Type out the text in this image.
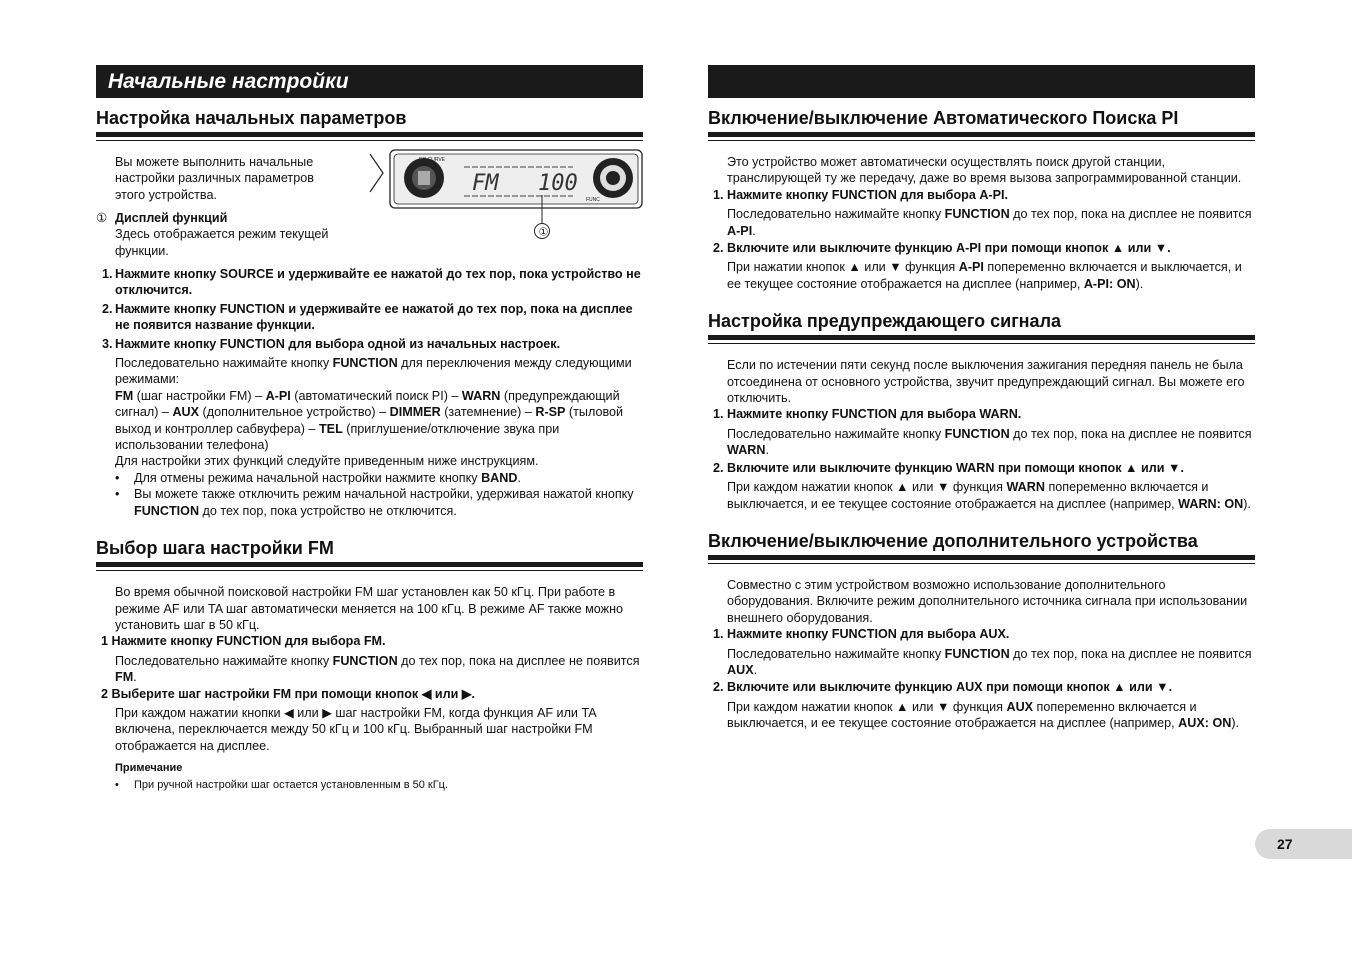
Начальные настройки
Настройка начальных параметров
Вы можете выполнить начальные настройки различных параметров этого устройства.
① Дисплей функций
Здесь отображается режим текущей функции.
EQ CURVE
FM 100
FUNC
①
1. Нажмите кнопку SOURCE и удерживайте ее нажатой до тех пор, пока устройство не отключится.
2. Нажмите кнопку FUNCTION и удерживайте ее нажатой до тех пор, пока на дисплее не появится название функции.
3. Нажмите кнопку FUNCTION для выбора одной из начальных настроек.
Последовательно нажимайте кнопку FUNCTION для переключения между следующими режимами:
FM (шаг настройки FM) – A-PI (автоматический поиск PI) – WARN (предупреждающий сигнал) – AUX (дополнительное устройство) – DIMMER (затемнение) – R-SP (тыловой выход и контроллер сабвуфера) – TEL (приглушение/отключение звука при использовании телефона)
Для настройки этих функций следуйте приведенным ниже инструкциям.
•	Для отмены режима начальной настройки нажмите кнопку BAND.
•	Вы можете также отключить режим начальной настройки, удерживая нажатой кнопку FUNCTION до тех пор, пока устройство не отключится.
Выбор шага настройки FM
Во время обычной поисковой настройки FM шаг установлен как 50 кГц. При работе в режиме AF или TA шаг автоматически меняется на 100 кГц. В режиме AF также можно установить шаг в 50 кГц.
1 Нажмите кнопку FUNCTION для выбора FM.
Последовательно нажимайте кнопку FUNCTION до тех пор, пока на дисплее не появится FM.
2 Выберите шаг настройки FM при помощи кнопок ◀ или ▶.
При каждом нажатии кнопки ◀ или ▶ шаг настройки FM, когда функция AF или TA включена, переключается между 50 кГц и 100 кГц. Выбранный шаг настройки FM отображается на дисплее.
Примечание
•	При ручной настройки шаг остается установленным в 50 кГц.
Включение/выключение Автоматического Поиска PI
Это устройство может автоматически осуществлять поиск другой станции, транслирующей ту же передачу, даже во время вызова запрограммированной станции.
1. Нажмите кнопку FUNCTION для выбора A-PI.
Последовательно нажимайте кнопку FUNCTION до тех пор, пока на дисплее не появится A-PI.
2. Включите или выключите функцию A-PI при помощи кнопок ▲ или ▼.
При нажатии кнопок ▲ или ▼ функция A-PI попеременно включается и выключается, и ее текущее состояние отображается на дисплее (например, A-PI: ON).
Настройка предупреждающего сигнала
Если по истечении пяти секунд после выключения зажигания передняя панель не была отсоединена от основного устройства, звучит предупреждающий сигнал. Вы можете его отключить.
1. Нажмите кнопку FUNCTION для выбора WARN.
Последовательно нажимайте кнопку FUNCTION до тех пор, пока на дисплее не появится WARN.
2. Включите или выключите функцию WARN при помощи кнопок ▲ или ▼.
При каждом нажатии кнопок ▲ или ▼ функция WARN попеременно включается и выключается, и ее текущее состояние отображается на дисплее (например, WARN: ON).
Включение/выключение дополнительного устройства
Совместно с этим устройством возможно использование дополнительного оборудования. Включите режим дополнительного источника сигнала при использовании внешнего оборудования.
1. Нажмите кнопку FUNCTION для выбора AUX.
Последовательно нажимайте кнопку FUNCTION до тех пор, пока на дисплее не появится AUX.
2. Включите или выключите функцию AUX при помощи кнопок ▲ или ▼.
При каждом нажатии кнопок ▲ или ▼ функция AUX попеременно включается и выключается, и ее текущее состояние отображается на дисплее (например, AUX: ON).
27
